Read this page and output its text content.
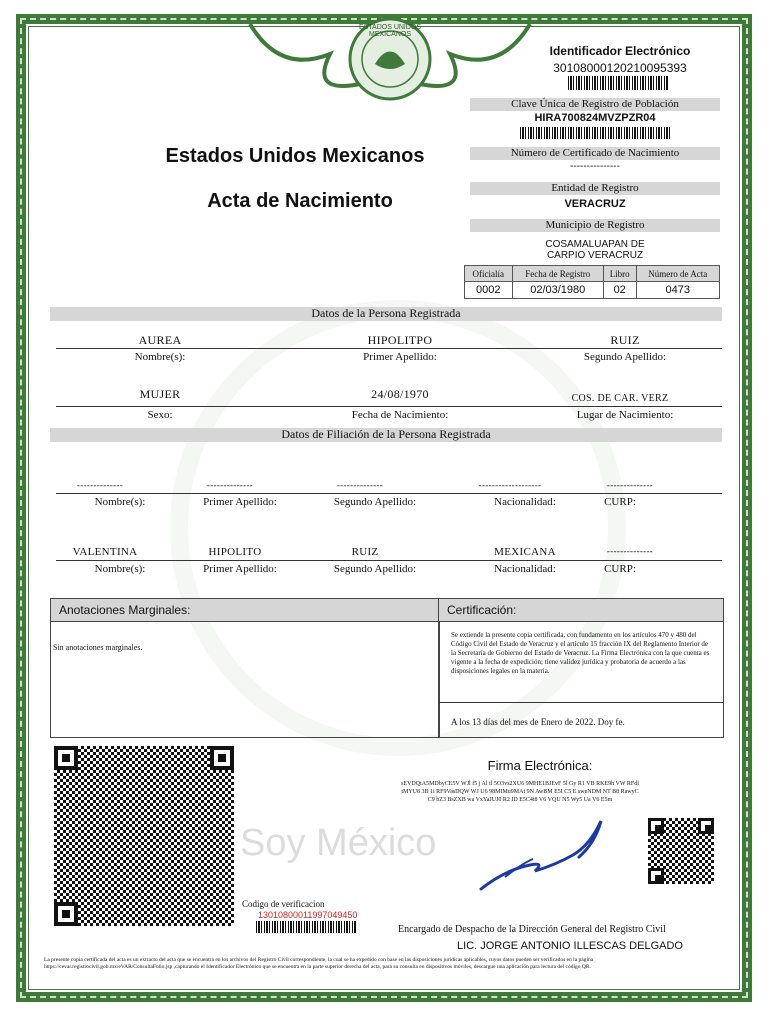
ESTADOS UNIDOS MEXICANOS
Estados Unidos Mexicanos
Acta de Nacimiento
Identificador Electrónico
301080001202100953​93
Clave Única de Registro de Población
HIRA700824MVZPZR04
Número de Certificado de Nacimiento
---------------
Entidad de Registro
VERACRUZ
Municipio de Registro
COSAMALUAPAN DE
CARPIO VERACRUZ
Oficialía	Fecha de Registro	Libro	Número de Acta
0002	02/03/1980	02	0473
Datos de la Persona Registrada
AUREA	HIPOLITPO	RUIZ
Nombre(s):	Primer Apellido:	Segundo Apellido:
MUJER	24/08/1970	COS. DE CAR. VERZ
Sexo:	Fecha de Nacimiento:	Lugar de Nacimiento:
Datos de Filiación de la Persona Registrada
--------------	--------------	--------------	-------------------	--------------
Nombre(s):	Primer Apellido:	Segundo Apellido:	Nacionalidad:	CURP:
VALENTINA	HIPOLITO	RUIZ	MEXICANA	--------------
Nombre(s):	Primer Apellido:	Segundo Apellido:	Nacionalidad:	CURP:
Anotaciones Marginales:
Sin anotaciones marginales.
Certificación:
Se extiende la presente copia certificada, con fundamento en los artículos 470 y 480 del Código Civil del Estado de Veracruz y el artículo 15 fracción IX del Reglamento Interior de la Secretaría de Gobierno del Estado de Veracruz. La Firma Electrónica con la que cuenta es vigente a la fecha de expedición; tiene validez jurídica y probatoria de acuerdo a las disposiciones legales en la materia.
A los 13 días del mes de Enero de 2022. Doy fe.
Firma Electrónica:
sEVDQtA5MDbyCE5V WJl f5 j Al tl 5O3vs2XU6 9MHE1BJEvF 5l Gy R1 VB RKE9h VW RFdl tMYU8 3B 1i RF9VasDQW WJ U6 98MIMu9MAt 9N AwBM E5I C5 E sweNDM NT B8 RawyCC9 bZ3 BsZXB wa VxYaJUJ0 R2 ID E5C4t8 V6 VQU N5 Wy5 Ua V6 E5m
Soy México
Codigo de verificacion
130108000119970494​50
Encargado de Despacho de la Dirección General del Registro Civil
LIC. JORGE ANTONIO ILLESCAS DELGADO
La presente copia certificada del acta es un extracto del acta que se encuentra en los archivos del Registro Civil correspondiente, la cual se ha expedido con base en las disposiciones jurídicas aplicables, cuyos datos pueden ser verificados en la página
https://cevar.registrocivil.gob.mx/eVAR/ConsultaFolio.jsp ,capturando el Identificador Electrónico que se encuentra en la parte superior derecha del acta, para su consulta en dispositivos móviles, descargue una aplicación para lectura del código QR.
